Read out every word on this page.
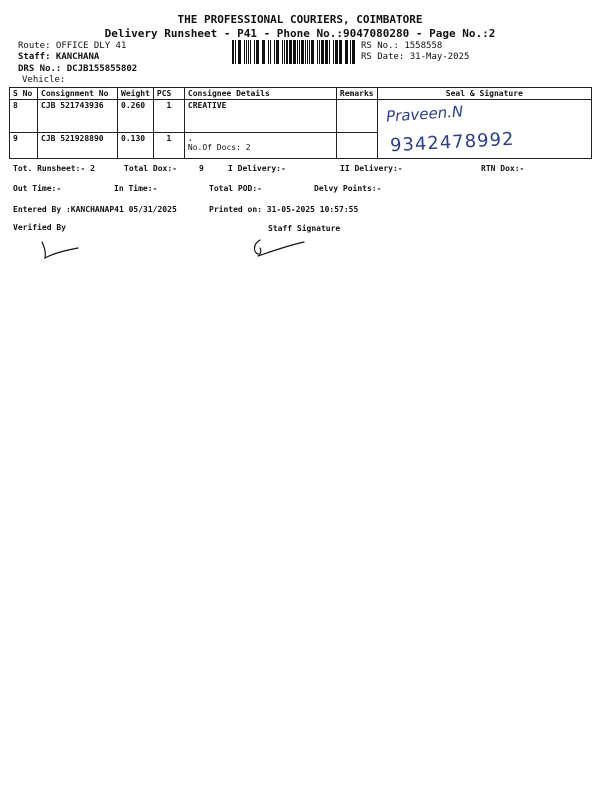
THE PROFESSIONAL COURIERS, COIMBATORE
Delivery Runsheet - P41 - Phone No.:9047080280 - Page No.:2
Route: OFFICE DLY 41
Staff: KANCHANA
DRS No.: DCJB155855802
Vehicle:
RS No.: 1558558
RS Date: 31-May-2025
S No	Consignment No	Weight	PCS	Consignee Details	Remarks	Seal & Signature
8	CJB 521743936	0.260	1	CREATIVE		Praveen.N
9342478992

9	CJB 521928890	0.130	1	.
No.Of Docs: 2		

Tot. Runsheet:- 2	Total Dox:-	9	I Delivery:-	II Delivery:-	RTN Dox:-
Out Time:-	In Time:-	Total POD:-	Delvy Points:-
Entered By :KANCHANAP41 05/31/2025	Printed on: 31-05-2025 10:57:55
Verified By	Staff Signature
